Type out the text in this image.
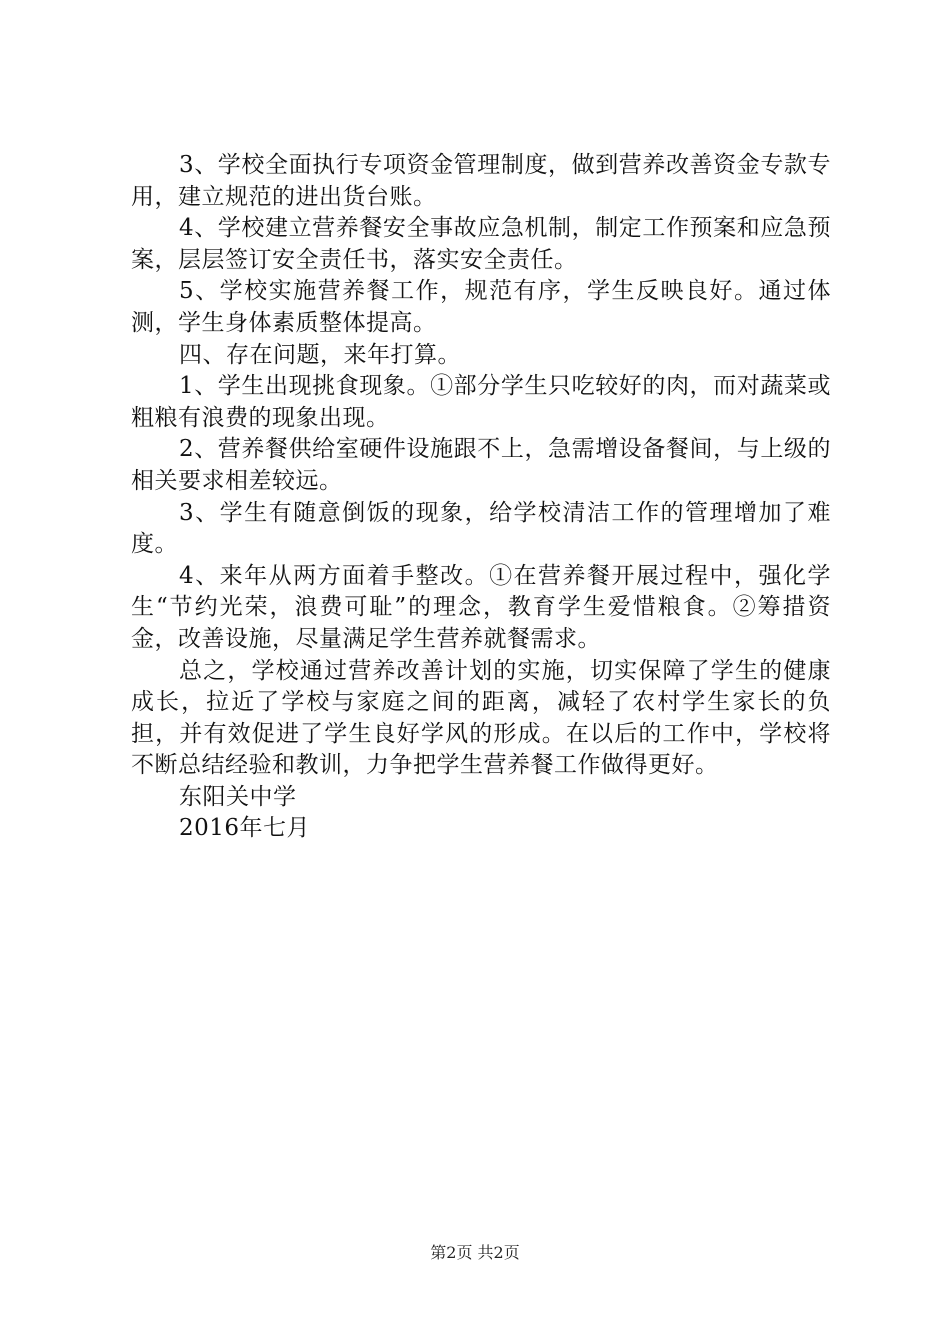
3、学校全面执行专项资金管理制度，做到营养改善资金专款专用，建立规范的进出货台账。

4、学校建立营养餐安全事故应急机制，制定工作预案和应急预案，层层签订安全责任书，落实安全责任。

5、学校实施营养餐工作，规范有序，学生反映良好。通过体测，学生身体素质整体提高。

四、存在问题，来年打算。

1、学生出现挑食现象。①部分学生只吃较好的肉，而对蔬菜或粗粮有浪费的现象出现。

2、营养餐供给室硬件设施跟不上，急需增设备餐间，与上级的相关要求相差较远。

3、学生有随意倒饭的现象，给学校清洁工作的管理增加了难度。

4、来年从两方面着手整改。①在营养餐开展过程中，强化学生“节约光荣，浪费可耻”的理念，教育学生爱惜粮食。②筹措资金，改善设施，尽量满足学生营养就餐需求。

总之，学校通过营养改善计划的实施，切实保障了学生的健康成长，拉近了学校与家庭之间的距离，减轻了农村学生家长的负担，并有效促进了学生良好学风的形成。在以后的工作中，学校将不断总结经验和教训，力争把学生营养餐工作做得更好。

东阳关中学

2016年七月

第2页 共2页
